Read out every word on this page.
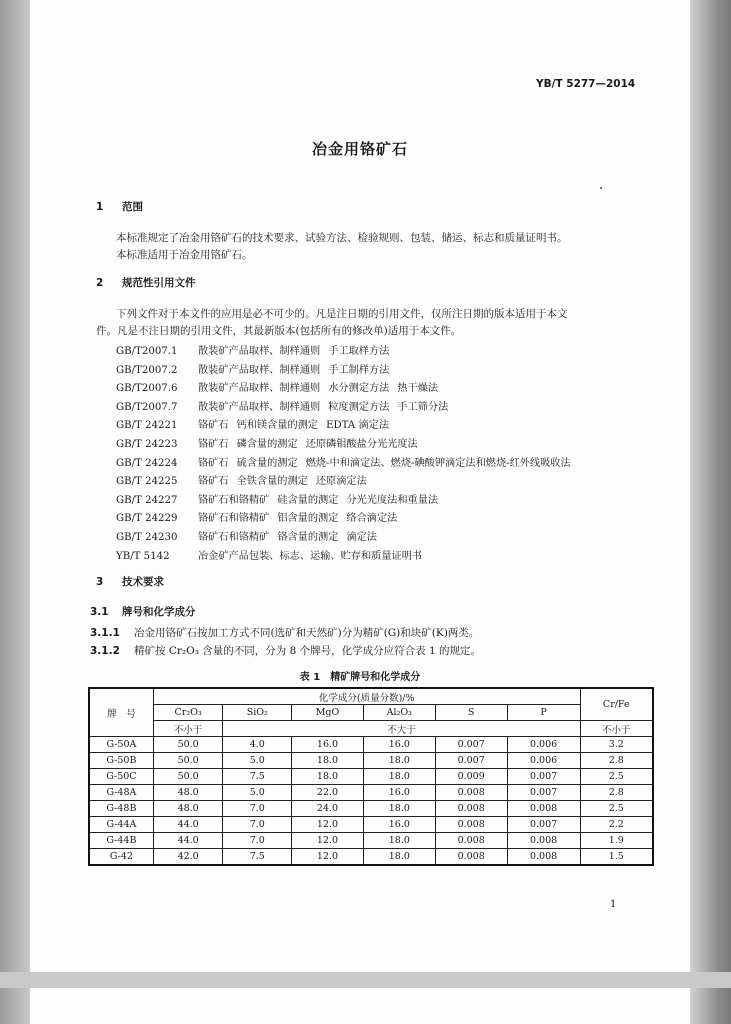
YB/T 5277—2014
冶金用铬矿石
1 范围
本标准规定了冶金用铬矿石的技术要求、试验方法、检验规则、包装、储运、标志和质量证明书。
本标准适用于冶金用铬矿石。
2 规范性引用文件
下列文件对于本文件的应用是必不可少的。凡是注日期的引用文件，仅所注日期的版本适用于本文
件。凡是不注日期的引用文件，其最新版本(包括所有的修改单)适用于本文件。
GB/T2007.1 散装矿产品取样、制样通则 手工取样方法
GB/T2007.2 散装矿产品取样、制样通则 手工制样方法
GB/T2007.6 散装矿产品取样、制样通则 水分测定方法 热干燥法
GB/T2007.7 散装矿产品取样、制样通则 粒度测定方法 手工筛分法
GB/T 24221 铬矿石 钙和镁含量的测定 EDTA 滴定法
GB/T 24223 铬矿石 磷含量的测定 还原磷钼酸盐分光光度法
GB/T 24224 铬矿石 硫含量的测定 燃烧-中和滴定法、燃烧-碘酸钾滴定法和燃烧-红外线吸收法
GB/T 24225 铬矿石 全铁含量的测定 还原滴定法
GB/T 24227 铬矿石和铬精矿 硅含量的测定 分光光度法和重量法
GB/T 24229 铬矿石和铬精矿 铝含量的测定 络合滴定法
GB/T 24230 铬矿石和铬精矿 铬含量的测定 滴定法
YB/T 5142	冶金矿产品包装、标志、运输、贮存和质量证明书
3 技术要求
3.1 牌号和化学成分
3.1.1 冶金用铬矿石按加工方式不同(选矿和天然矿)分为精矿(G)和块矿(K)两类。
3.1.2 精矿按 Cr₂O₃ 含量的不同，分为 8 个牌号，化学成分应符合表 1 的规定。
表 1　精矿牌号和化学成分
牌　号	化学成分(质量分数)/%						Cr/Fe
	Cr₂O₃	SiO₂	MgO	Al₂O₃	S	P	
	不小于	不大于					不小于
G-50A	50.0	4.0	16.0	16.0	0.007	0.006	3.2
G-50B	50.0	5.0	18.0	18.0	0.007	0.006	2.8
G-50C	50.0	7.5	18.0	18.0	0.009	0.007	2.5
G-48A	48.0	5.0	22.0	16.0	0.008	0.007	2.8
G-48B	48.0	7.0	24.0	18.0	0.008	0.008	2.5
G-44A	44.0	7.0	12.0	16.0	0.008	0.007	2.2
G-44B	44.0	7.0	12.0	18.0	0.008	0.008	1.9
G-42	42.0	7.5	12.0	18.0	0.008	0.008	1.5
1
